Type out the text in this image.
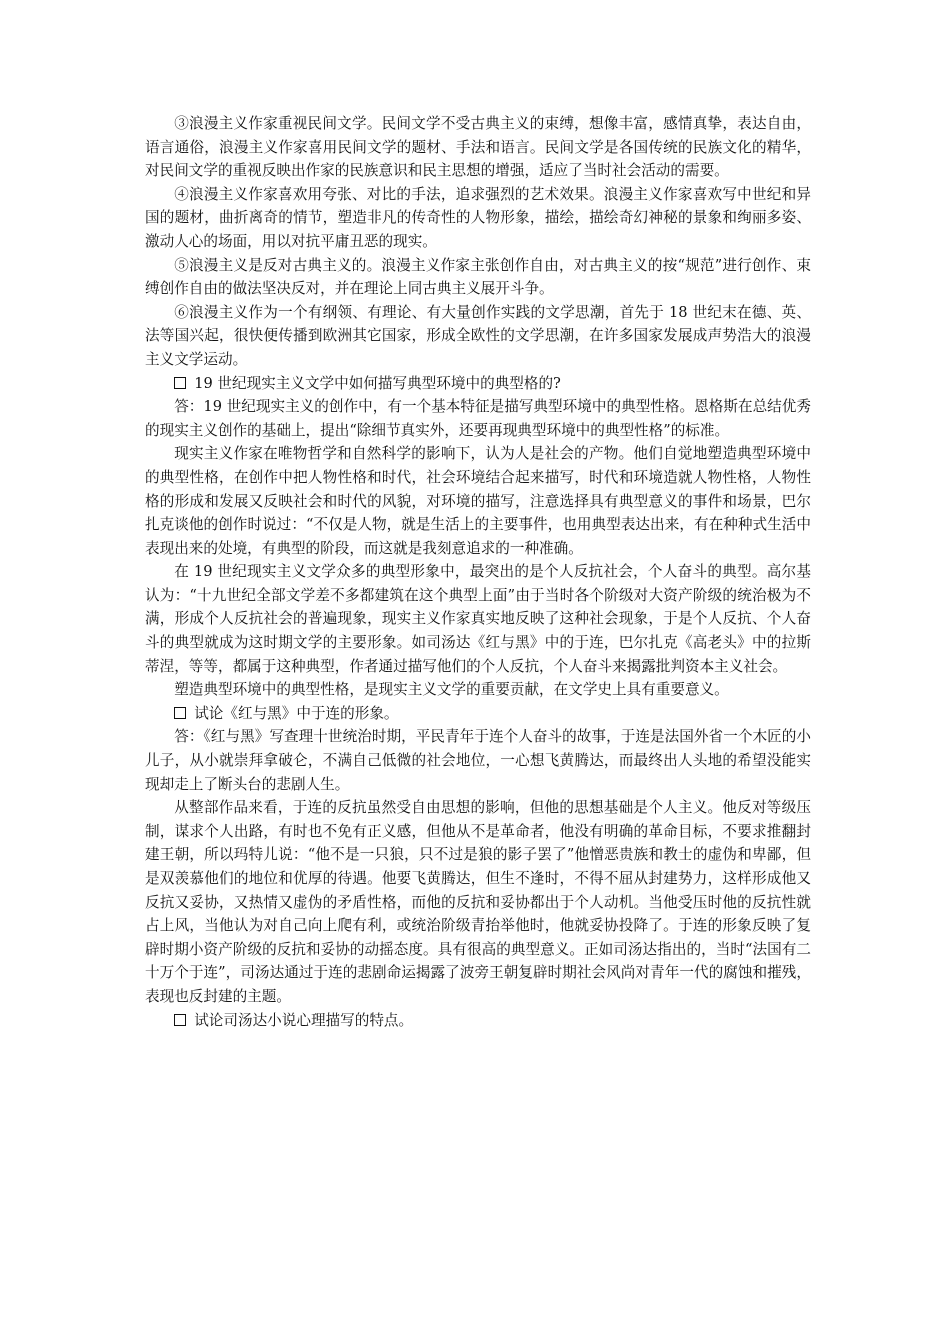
③浪漫主义作家重视民间文学。民间文学不受古典主义的束缚，想像丰富，感情真挚，表达自由，语言通俗，浪漫主义作家喜用民间文学的题材、手法和语言。民间文学是各国传统的民族文化的精华，对民间文学的重视反映出作家的民族意识和民主思想的增强，适应了当时社会活动的需要。

④浪漫主义作家喜欢用夸张、对比的手法，追求强烈的艺术效果。浪漫主义作家喜欢写中世纪和异国的题材，曲折离奇的情节，塑造非凡的传奇性的人物形象，描绘，描绘奇幻神秘的景象和绚丽多姿、激动人心的场面，用以对抗平庸丑恶的现实。

⑤浪漫主义是反对古典主义的。浪漫主义作家主张创作自由，对古典主义的按“规范”进行创作、束缚创作自由的做法坚决反对，并在理论上同古典主义展开斗争。

⑥浪漫主义作为一个有纲领、有理论、有大量创作实践的文学思潮，首先于 18 世纪末在德、英、法等国兴起，很快便传播到欧洲其它国家，形成全欧性的文学思潮，在许多国家发展成声势浩大的浪漫主义文学运动。

19 世纪现实主义文学中如何描写典型环境中的典型格的?

答：19 世纪现实主义的创作中，有一个基本特征是描写典型环境中的典型性格。恩格斯在总结优秀的现实主义创作的基础上，提出“除细节真实外，还要再现典型环境中的典型性格”的标准。

现实主义作家在唯物哲学和自然科学的影响下，认为人是社会的产物。他们自觉地塑造典型环境中的典型性格，在创作中把人物性格和时代，社会环境结合起来描写，时代和环境造就人物性格，人物性格的形成和发展又反映社会和时代的风貌，对环境的描写，注意选择具有典型意义的事件和场景，巴尔扎克谈他的创作时说过：“不仅是人物，就是生活上的主要事件，也用典型表达出来，有在种种式生活中表现出来的处境，有典型的阶段，而这就是我刻意追求的一种准确。

在 19 世纪现实主义文学众多的典型形象中，最突出的是个人反抗社会，个人奋斗的典型。高尔基认为：“十九世纪全部文学差不多都建筑在这个典型上面”由于当时各个阶级对大资产阶级的统治极为不满，形成个人反抗社会的普遍现象，现实主义作家真实地反映了这种社会现象，于是个人反抗、个人奋斗的典型就成为这时期文学的主要形象。如司汤达《红与黑》中的于连，巴尔扎克《高老头》中的拉斯蒂涅，等等，都属于这种典型，作者通过描写他们的个人反抗，个人奋斗来揭露批判资本主义社会。

塑造典型环境中的典型性格，是现实主义文学的重要贡献，在文学史上具有重要意义。

试论《红与黑》中于连的形象。

答：《红与黑》写查理十世统治时期，平民青年于连个人奋斗的故事，于连是法国外省一个木匠的小儿子，从小就崇拜拿破仑，不满自己低微的社会地位，一心想飞黄腾达，而最终出人头地的希望没能实现却走上了断头台的悲剧人生。

从整部作品来看，于连的反抗虽然受自由思想的影响，但他的思想基础是个人主义。他反对等级压制，谋求个人出路，有时也不免有正义感，但他从不是革命者，他没有明确的革命目标，不要求推翻封建王朝，所以玛特儿说：“他不是一只狼，只不过是狼的影子罢了”他憎恶贵族和教士的虚伪和卑鄙，但是双羡慕他们的地位和优厚的待遇。他要飞黄腾达，但生不逢时，不得不屈从封建势力，这样形成他又反抗又妥协，又热情又虚伪的矛盾性格，而他的反抗和妥协都出于个人动机。当他受压时他的反抗性就占上风，当他认为对自己向上爬有利，或统治阶级青抬举他时，他就妥协投降了。于连的形象反映了复辟时期小资产阶级的反抗和妥协的动摇态度。具有很高的典型意义。正如司汤达指出的，当时“法国有二十万个于连”，司汤达通过于连的悲剧命运揭露了波旁王朝复辟时期社会风尚对青年一代的腐蚀和摧残，表现也反封建的主题。

试论司汤达小说心理描写的特点。
